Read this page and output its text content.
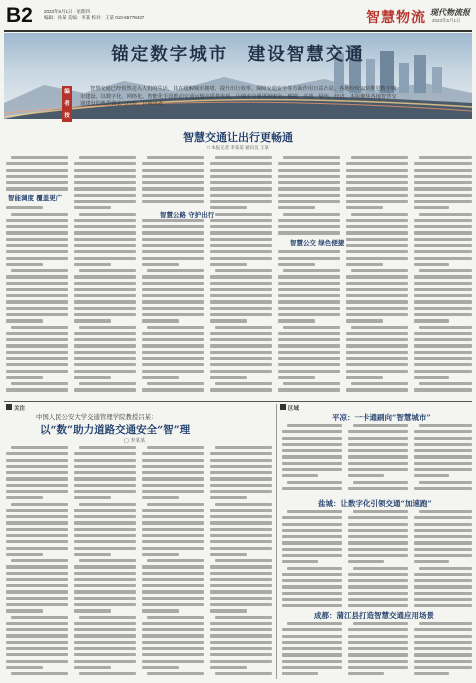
B2 2023年6月1日 · 星期四
编辑：孙某 美编：李某 校对：王某 010-65778437	智慧物流 现代物流报
2023年6月1日
锚定数字城市　建设智慧交通
编者按
智慧交通已经悄然走入人们的生活，其在缓解城市拥堵、提升出行效率、保障交通安全等方面作用日益凸显。各地纷纷加快推进数字城市建设，以数字化、网络化、智能化手段推动交通运输高质量发展，让城市交通更加安全、便捷、高效、绿色、经济。本版聚焦各地智慧交通建设的典型做法与经验，以飨读者。
智慧交通让出行更畅通
□ 本报记者 李某某 通讯员 王某
智能调度 覆盖更广
智慧公路 守护出行
智慧公交 绿色便捷
关注
中国人民公安大学交通管理学院教授吕某：
以“数”助力道路交通安全“智”理
□ 李某某
区域
平凉：一卡通刷向“智慧城市”
盐城：让数字化引领交通“加速跑”
成都：蒲江县打造智慧交通应用场景
